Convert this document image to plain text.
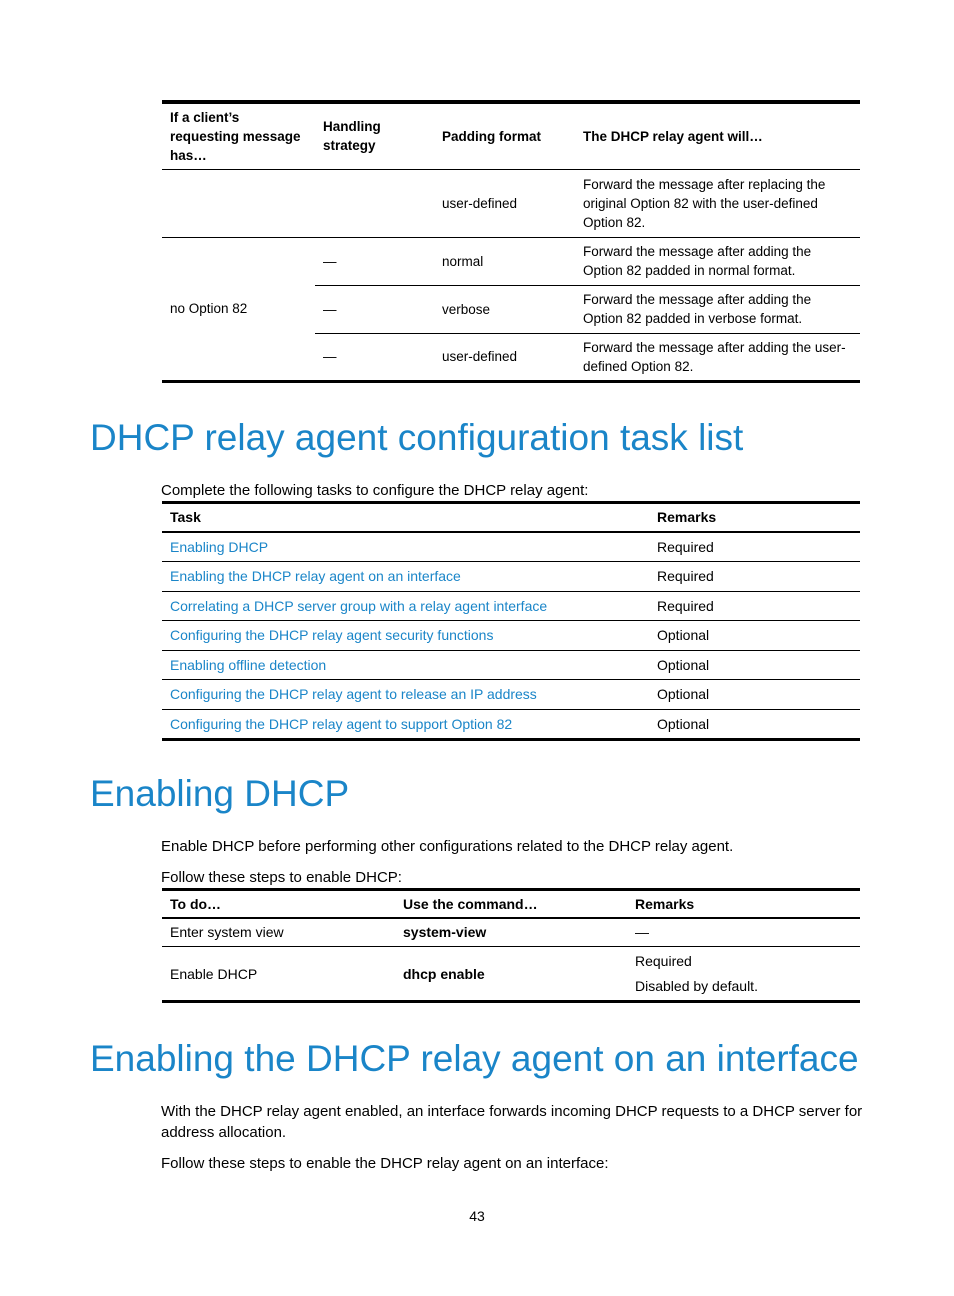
If a client’s requesting message has…	Handling strategy	Padding format	The DHCP relay agent will…
		user-defined	Forward the message after replacing the original Option 82 with the user-defined Option 82.
no Option 82	—	normal	Forward the message after adding the Option 82 padded in normal format.
	—	verbose	Forward the message after adding the Option 82 padded in verbose format.
	—	user-defined	Forward the message after adding the user-defined Option 82.
DHCP relay agent configuration task list

Complete the following tasks to configure the DHCP relay agent:

Task	Remarks
Enabling DHCP	Required
Enabling the DHCP relay agent on an interface	Required
Correlating a DHCP server group with a relay agent interface	Required
Configuring the DHCP relay agent security functions	Optional
Enabling offline detection	Optional
Configuring the DHCP relay agent to release an IP address	Optional
Configuring the DHCP relay agent to support Option 82	Optional
Enabling DHCP

Enable DHCP before performing other configurations related to the DHCP relay agent.

Follow these steps to enable DHCP:

To do…	Use the command…	Remarks
Enter system view	system-view	—
Enable DHCP	dhcp enable	Required
Disabled by default.
Enabling the DHCP relay agent on an interface

With the DHCP relay agent enabled, an interface forwards incoming DHCP requests to a DHCP server for address allocation.

Follow these steps to enable the DHCP relay agent on an interface:

43
